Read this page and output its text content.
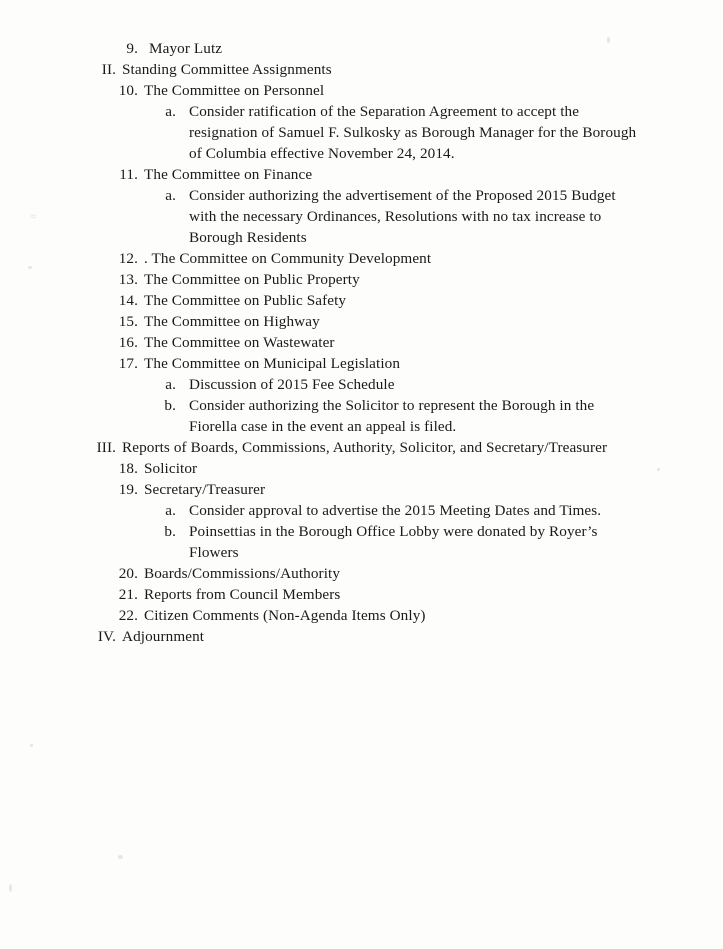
≈
9. Mayor Lutz
II. Standing Committee Assignments
10. The Committee on Personnel
a. Consider ratification of the Separation Agreement to accept the resignation of Samuel F. Sulkosky as Borough Manager for the Borough of Columbia effective November 24, 2014.
11. The Committee on Finance
a. Consider authorizing the advertisement of the Proposed 2015 Budget with the necessary Ordinances, Resolutions with no tax increase to Borough Residents
12. . The Committee on Community Development
13. The Committee on Public Property
14. The Committee on Public Safety
15. The Committee on Highway
16. The Committee on Wastewater
17. The Committee on Municipal Legislation
a. Discussion of 2015 Fee Schedule
b. Consider authorizing the Solicitor to represent the Borough in the Fiorella case in the event an appeal is filed.
III. Reports of Boards, Commissions, Authority, Solicitor, and Secretary/Treasurer
18. Solicitor
19. Secretary/Treasurer
a. Consider approval to advertise the 2015 Meeting Dates and Times.
b. Poinsettias in the Borough Office Lobby were donated by Royer’s Flowers
20. Boards/Commissions/Authority
21. Reports from Council Members
22. Citizen Comments (Non-Agenda Items Only)
IV. Adjournment
